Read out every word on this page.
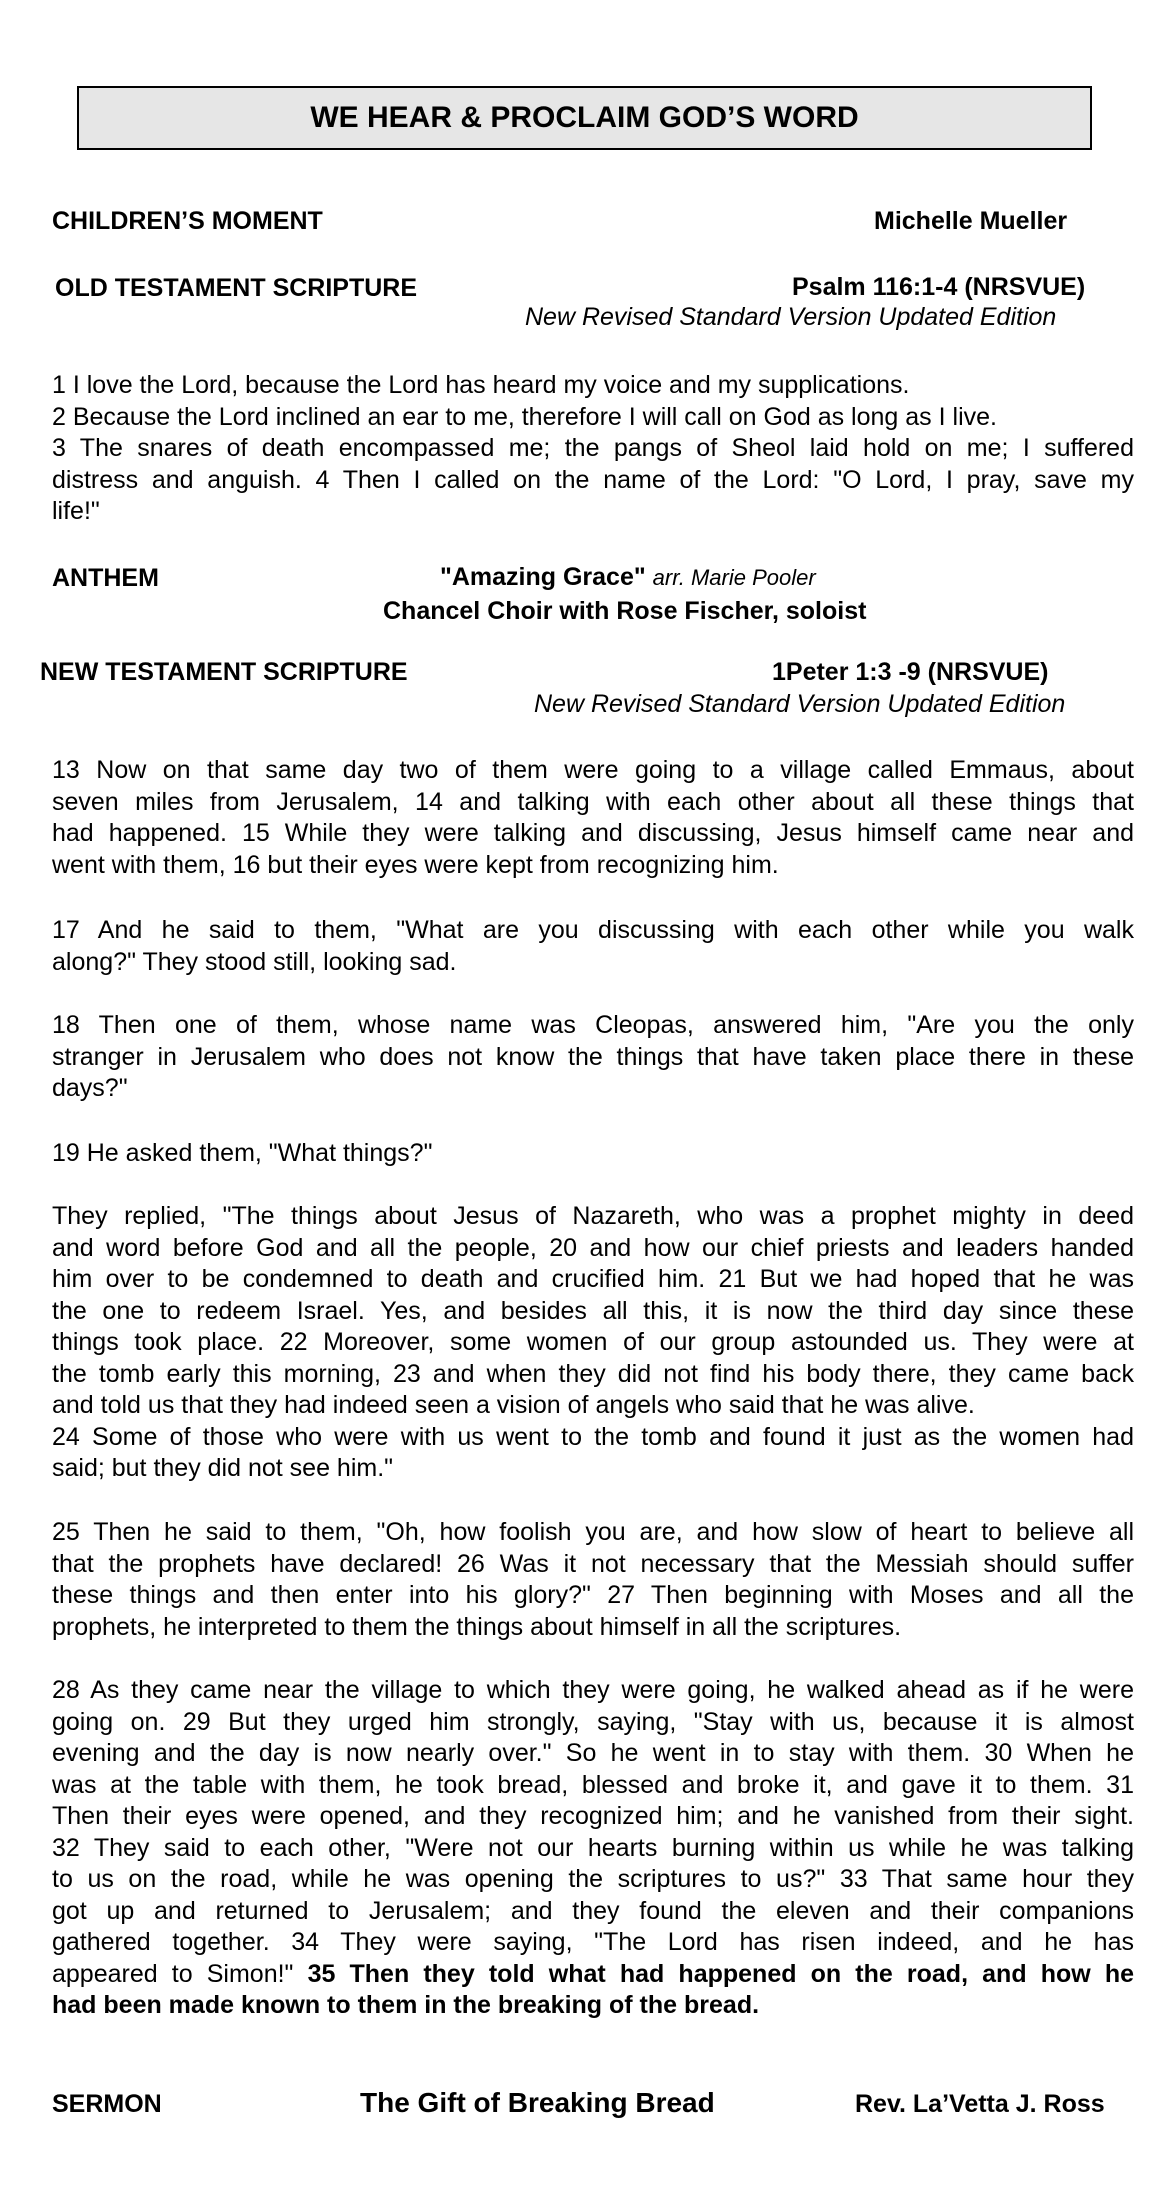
WE HEAR & PROCLAIM GOD’S WORD
CHILDREN’S MOMENT	Michelle Mueller
OLD TESTAMENT SCRIPTURE	Psalm 116:1-4 (NRSVUE)
New Revised Standard Version Updated Edition
1 I love the Lord, because the Lord has heard my voice and my supplications.
2 Because the Lord inclined an ear to me, therefore I will call on God as long as I live.
3 The snares of death encompassed me; the pangs of Sheol laid hold on me; I suffered
distress and anguish. 4 Then I called on the name of the Lord: "O Lord, I pray, save my
life!"
ANTHEM	"Amazing Grace" arr. Marie Pooler
Chancel Choir with Rose Fischer, soloist
NEW TESTAMENT SCRIPTURE	1Peter 1:3 -9 (NRSVUE)
New Revised Standard Version Updated Edition
13 Now on that same day two of them were going to a village called Emmaus, about
seven miles from Jerusalem, 14 and talking with each other about all these things that
had happened. 15 While they were talking and discussing, Jesus himself came near and
went with them, 16 but their eyes were kept from recognizing him.
17 And he said to them, "What are you discussing with each other while you walk
along?" They stood still, looking sad.
18 Then one of them, whose name was Cleopas, answered him, "Are you the only
stranger in Jerusalem who does not know the things that have taken place there in these
days?"
19 He asked them, "What things?"
They replied, "The things about Jesus of Nazareth, who was a prophet mighty in deed
and word before God and all the people, 20 and how our chief priests and leaders handed
him over to be condemned to death and crucified him. 21 But we had hoped that he was
the one to redeem Israel. Yes, and besides all this, it is now the third day since these
things took place. 22 Moreover, some women of our group astounded us. They were at
the tomb early this morning, 23 and when they did not find his body there, they came back
and told us that they had indeed seen a vision of angels who said that he was alive.
24 Some of those who were with us went to the tomb and found it just as the women had
said; but they did not see him."
25 Then he said to them, "Oh, how foolish you are, and how slow of heart to believe all
that the prophets have declared! 26 Was it not necessary that the Messiah should suffer
these things and then enter into his glory?" 27 Then beginning with Moses and all the
prophets, he interpreted to them the things about himself in all the scriptures.
28 As they came near the village to which they were going, he walked ahead as if he were
going on. 29 But they urged him strongly, saying, "Stay with us, because it is almost
evening and the day is now nearly over." So he went in to stay with them. 30 When he
was at the table with them, he took bread, blessed and broke it, and gave it to them. 31
Then their eyes were opened, and they recognized him; and he vanished from their sight.
32 They said to each other, "Were not our hearts burning within us while he was talking
to us on the road, while he was opening the scriptures to us?" 33 That same hour they
got up and returned to Jerusalem; and they found the eleven and their companions
gathered together. 34 They were saying, "The Lord has risen indeed, and he has
appeared to Simon!" 35 Then they told what had happened on the road, and how he
had been made known to them in the breaking of the bread.
SERMON	The Gift of Breaking Bread	Rev. La’Vetta J. Ross
